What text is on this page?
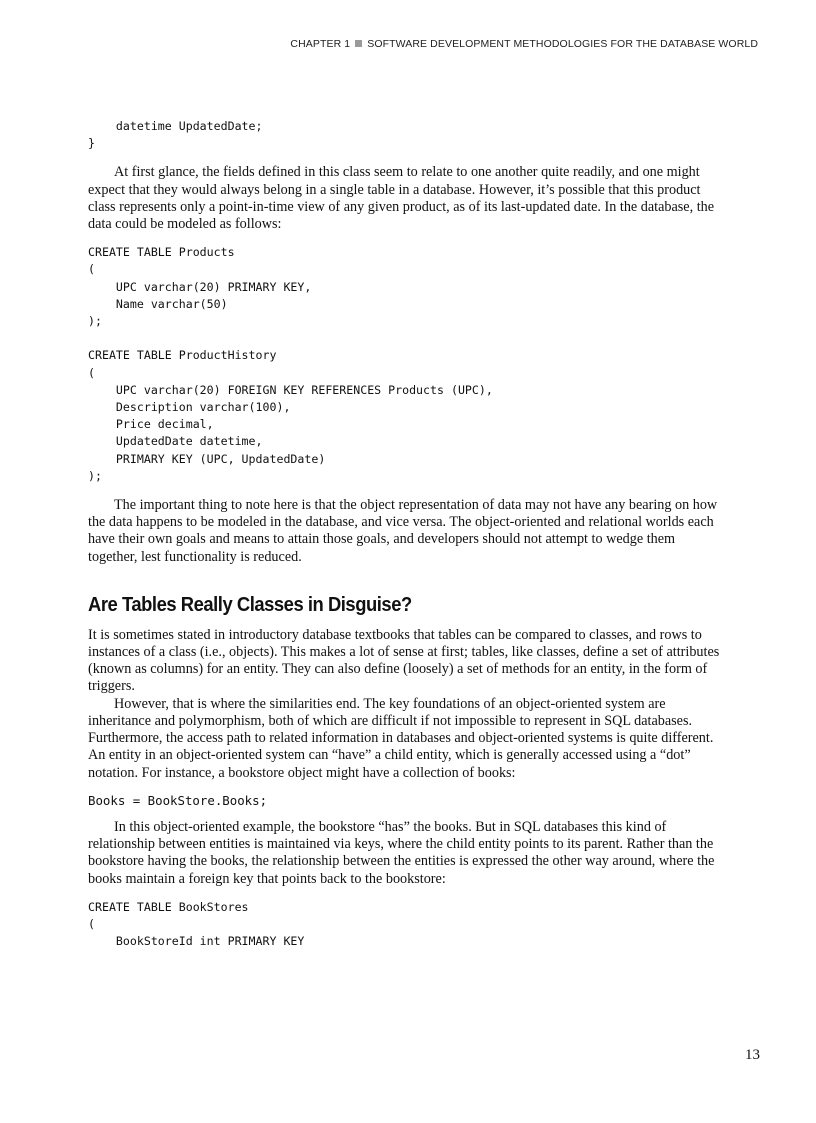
CHAPTER 1 SOFTWARE DEVELOPMENT METHODOLOGIES FOR THE DATABASE WORLD
datetime UpdatedDate;
}

At first glance, the fields defined in this class seem to relate to one another quite readily, and one might expect that they would always belong in a single table in a database. However, it’s possible that this product class represents only a point-in-time view of any given product, as of its last-updated date. In the database, the data could be modeled as follows:

CREATE TABLE Products
(
UPC varchar(20) PRIMARY KEY,
Name varchar(50)
);

CREATE TABLE ProductHistory
(
UPC varchar(20) FOREIGN KEY REFERENCES Products (UPC),
Description varchar(100),
Price decimal,
UpdatedDate datetime,
PRIMARY KEY (UPC, UpdatedDate)
);

The important thing to note here is that the object representation of data may not have any bearing on how the data happens to be modeled in the database, and vice versa. The object-oriented and relational worlds each have their own goals and means to attain those goals, and developers should not attempt to wedge them together, lest functionality is reduced.

Are Tables Really Classes in Disguise?

It is sometimes stated in introductory database textbooks that tables can be compared to classes, and rows to instances of a class (i.e., objects). This makes a lot of sense at first; tables, like classes, define a set of attributes (known as columns) for an entity. They can also define (loosely) a set of methods for an entity, in the form of triggers.

However, that is where the similarities end. The key foundations of an object-oriented system are inheritance and polymorphism, both of which are difficult if not impossible to represent in SQL databases. Furthermore, the access path to related information in databases and object-oriented systems is quite different. An entity in an object-oriented system can “have” a child entity, which is generally accessed using a “dot” notation. For instance, a bookstore object might have a collection of books:

Books = BookStore.Books;

In this object-oriented example, the bookstore “has” the books. But in SQL databases this kind of relationship between entities is maintained via keys, where the child entity points to its parent. Rather than the bookstore having the books, the relationship between the entities is expressed the other way around, where the books maintain a foreign key that points back to the bookstore:

CREATE TABLE BookStores
(
BookStoreId int PRIMARY KEY
13
